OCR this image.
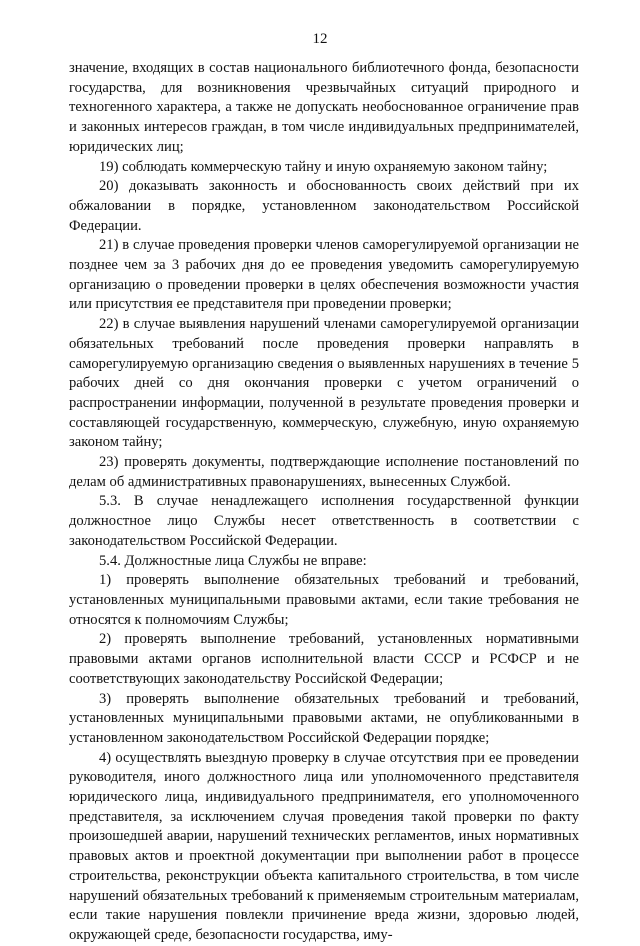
12

значение, входящих в состав национального библиотечного фонда, безопасности государства, для возникновения чрезвычайных ситуаций природного и техногенного характера, а также не допускать необоснованное ограничение прав и законных интересов граждан, в том числе индивидуальных предпринимателей, юридических лиц;

19) соблюдать коммерческую тайну и иную охраняемую законом тайну;

20) доказывать законность и обоснованность своих действий при их обжаловании в порядке, установленном законодательством Российской Федерации.

21) в случае проведения проверки членов саморегулируемой организации не позднее чем за 3 рабочих дня до ее проведения уведомить саморегулируемую организацию о проведении проверки в целях обеспечения возможности участия или присутствия ее представителя при проведении проверки;

22) в случае выявления нарушений членами саморегулируемой организации обязательных требований после проведения проверки направлять в саморегулируемую организацию сведения о выявленных нарушениях в течение 5 рабочих дней со дня окончания проверки с учетом ограничений о распространении информации, полученной в результате проведения проверки и составляющей государственную, коммерческую, служебную, иную охраняемую законом тайну;

23) проверять документы, подтверждающие исполнение постановлений по делам об административных правонарушениях, вынесенных Службой.

5.3. В случае ненадлежащего исполнения государственной функции должностное лицо Службы несет ответственность в соответствии с законодательством Российской Федерации.

5.4. Должностные лица Службы не вправе:

1) проверять выполнение обязательных требований и требований, установленных муниципальными правовыми актами, если такие требования не относятся к полномочиям Службы;

2) проверять выполнение требований, установленных нормативными правовыми актами органов исполнительной власти СССР и РСФСР и не соответствующих законодательству Российской Федерации;

3) проверять выполнение обязательных требований и требований, установленных муниципальными правовыми актами, не опубликованными в установленном законодательством Российской Федерации порядке;

4) осуществлять выездную проверку в случае отсутствия при ее проведении руководителя, иного должностного лица или уполномоченного представителя юридического лица, индивидуального предпринимателя, его уполномоченного представителя, за исключением случая проведения такой проверки по факту произошедшей аварии, нарушений технических регламентов, иных нормативных правовых актов и проектной документации при выполнении работ в процессе строительства, реконструкции объекта капитального строительства, в том числе нарушений обязательных требований к применяемым строительным материалам, если такие нарушения повлекли причинение вреда жизни, здоровью людей, окружающей среде, безопасности государства, иму-
